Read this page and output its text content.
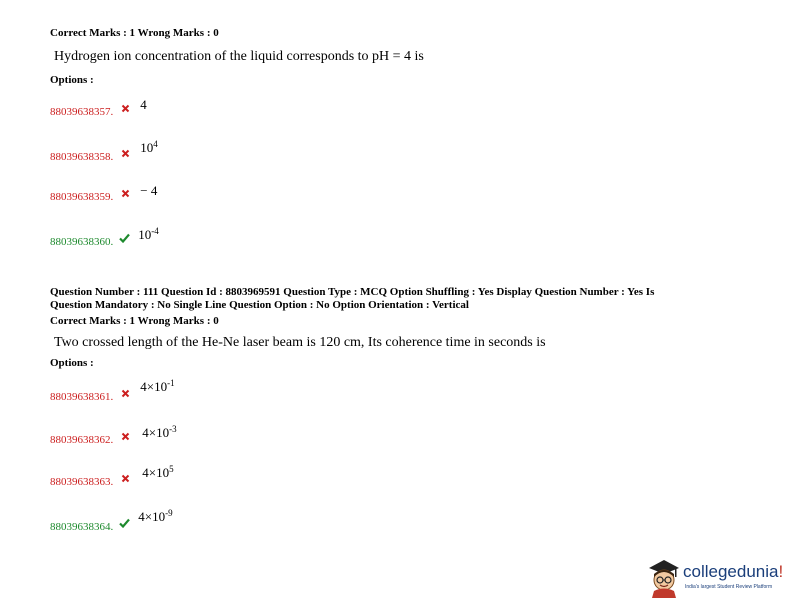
Correct Marks : 1 Wrong Marks : 0
Hydrogen ion concentration of the liquid corresponds to pH = 4 is
Options :
$_{88039638357.}$ 4
$_{88039638358.}$  $10^4$
$_{88039638359.}$ − 4
$_{88039638360.}$ $10^{-4}$
Question Number : 111 Question Id : 8803969591 Question Type : MCQ Option Shuffling : Yes Display Question Number : Yes Is
Question Mandatory : No Single Line Question Option : No Option Orientation : Vertical
Correct Marks : 1 Wrong Marks : 0
Two crossed length of the He-Ne laser beam is 120 cm, Its coherence time in seconds is
Options :
$_{88039638361.}$  $4\times 10^{-1}$
$_{88039638362.}$ $4\times 10^{-3}$
$_{88039638363.}$  $4\times 10^5$
$_{88039638364.}$  $4\times 10^{-9}$
collegedunia!
India's largest Student Review Platform
